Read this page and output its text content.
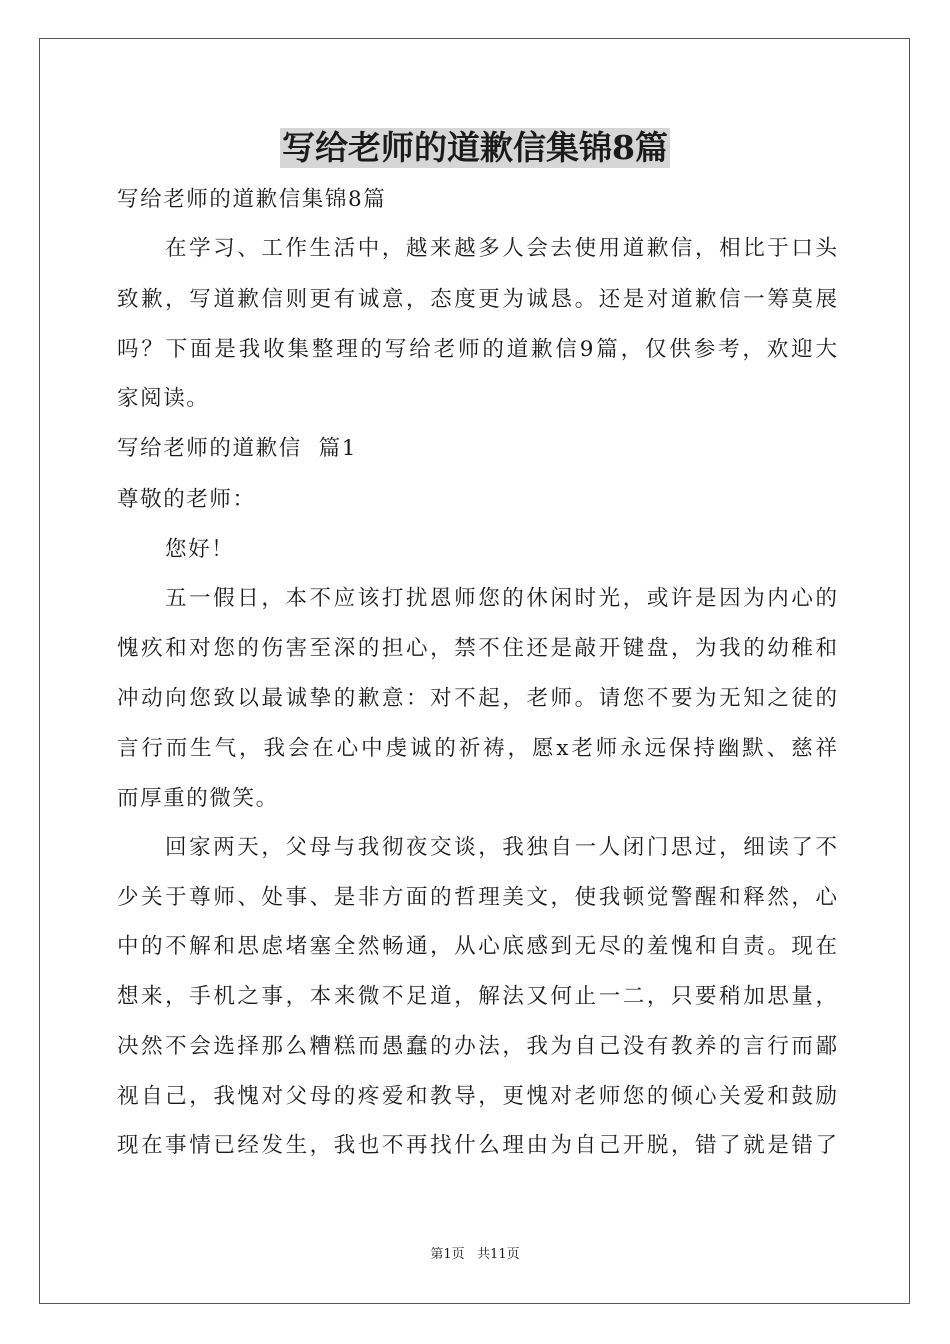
写给老师的道歉信集锦8篇
写给老师的道歉信集锦8篇
在学习、工作生活中，越来越多人会去使用道歉信，相比于口头
致歉，写道歉信则更有诚意，态度更为诚恳。还是对道歉信一筹莫展
吗？下面是我收集整理的写给老师的道歉信9篇，仅供参考，欢迎大
家阅读。
写给老师的道歉信  篇1
尊敬的老师：
您好！
五一假日，本不应该打扰恩师您的休闲时光，或许是因为内心的
愧疚和对您的伤害至深的担心，禁不住还是敲开键盘，为我的幼稚和
冲动向您致以最诚挚的歉意：对不起，老师。请您不要为无知之徒的
言行而生气，我会在心中虔诚的祈祷，愿x老师永远保持幽默、慈祥
而厚重的微笑。
回家两天，父母与我彻夜交谈，我独自一人闭门思过，细读了不
少关于尊师、处事、是非方面的哲理美文，使我顿觉警醒和释然，心
中的不解和思虑堵塞全然畅通，从心底感到无尽的羞愧和自责。现在
想来，手机之事，本来微不足道，解法又何止一二，只要稍加思量，
决然不会选择那么糟糕而愚蠢的办法，我为自己没有教养的言行而鄙
视自己，我愧对父母的疼爱和教导，更愧对老师您的倾心关爱和鼓励
现在事情已经发生，我也不再找什么理由为自己开脱，错了就是错了
第1页   共11页
